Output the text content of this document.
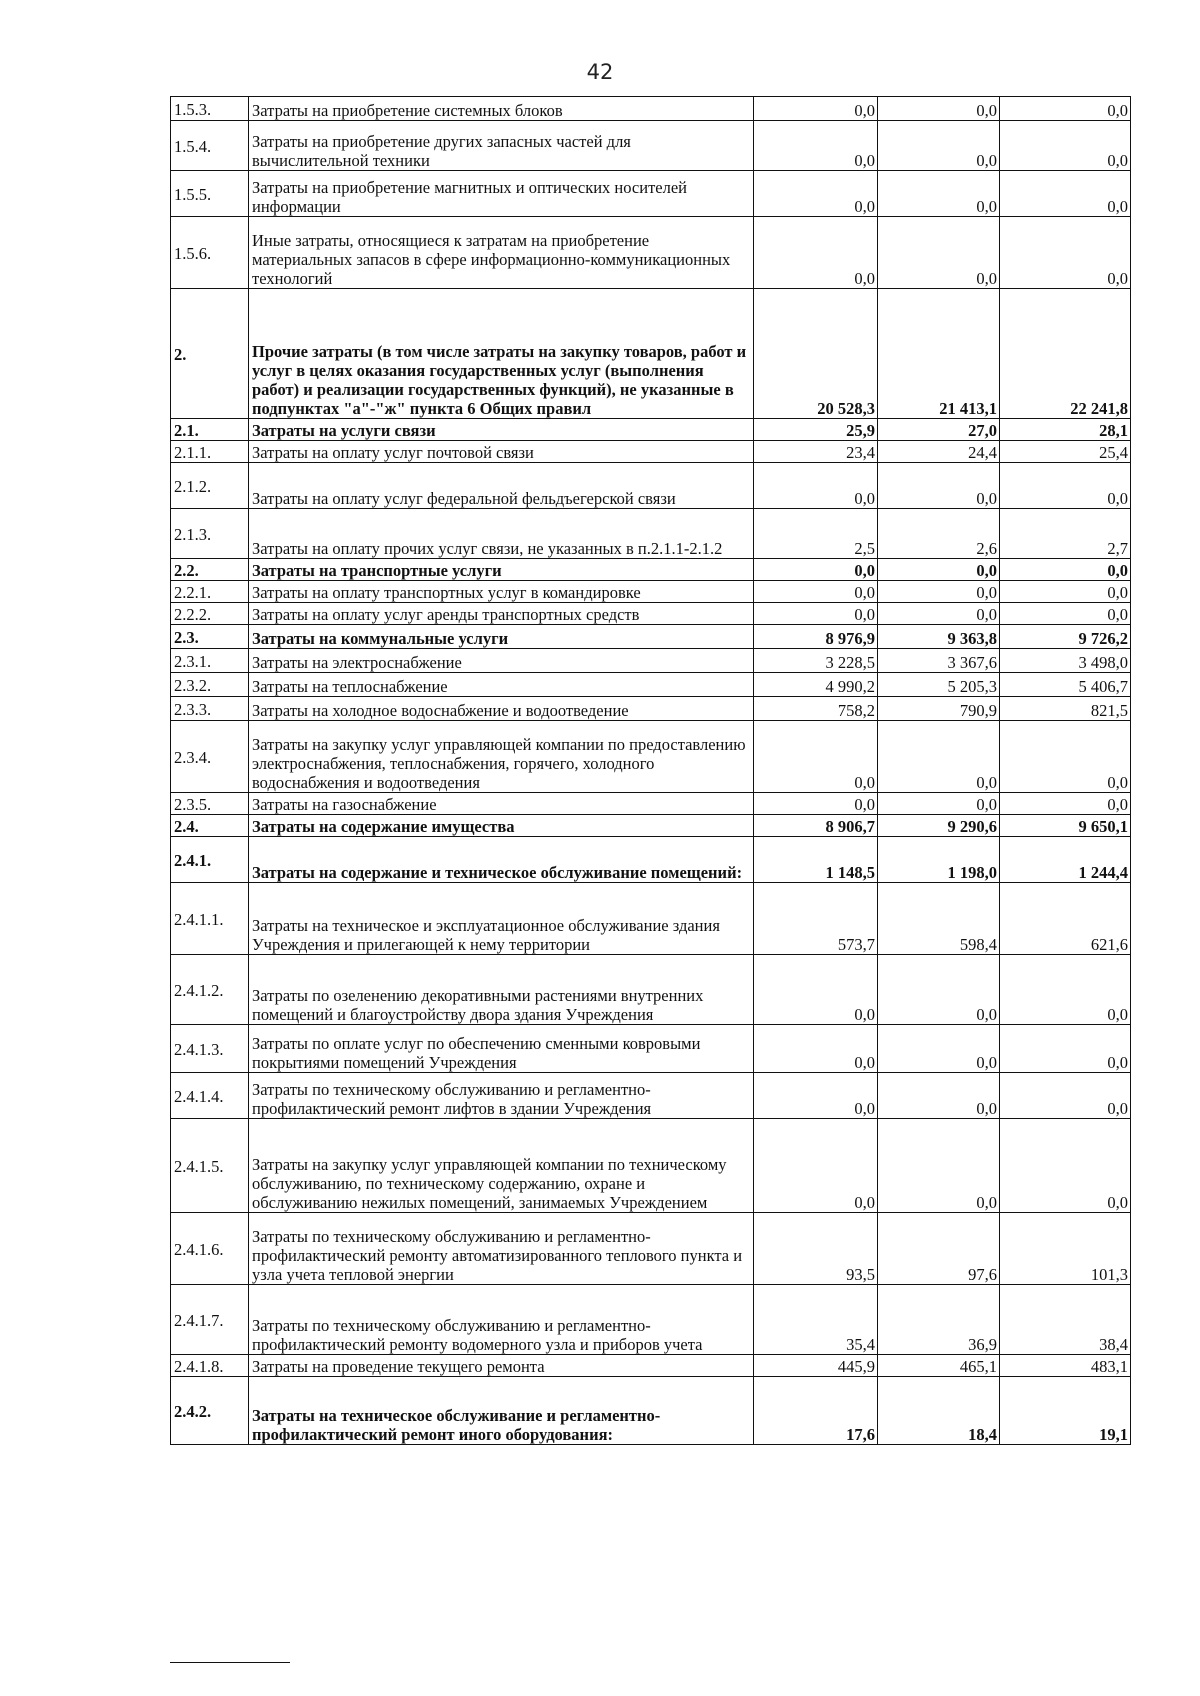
42
1.5.3.	Затраты на приобретение системных блоков	0,0	0,0	0,0
1.5.4.	Затраты на приобретение других запасных частей для вычислительной техники	0,0	0,0	0,0
1.5.5.	Затраты на приобретение магнитных и оптических носителей информации	0,0	0,0	0,0
1.5.6.	Иные затраты, относящиеся к затратам на приобретение материальных запасов в сфере информационно-коммуникационных технологий	0,0	0,0	0,0
2.	Прочие затраты (в том числе затраты на закупку товаров, работ и услуг в целях оказания государственных услуг (выполнения работ) и реализации государственных функций), не указанные в подпунктах "а"-"ж" пункта 6 Общих правил	20 528,3	21 413,1	22 241,8
2.1.	Затраты на услуги связи	25,9	27,0	28,1
2.1.1.	Затраты на оплату услуг почтовой связи	23,4	24,4	25,4
2.1.2.	Затраты на оплату услуг федеральной фельдъегерской связи	0,0	0,0	0,0
2.1.3.	Затраты на оплату прочих услуг связи, не указанных в п.2.1.1-2.1.2	2,5	2,6	2,7
2.2.	Затраты на транспортные услуги	0,0	0,0	0,0
2.2.1.	Затраты на оплату транспортных услуг в командировке	0,0	0,0	0,0
2.2.2.	Затраты на оплату услуг аренды транспортных средств	0,0	0,0	0,0
2.3.	Затраты на коммунальные услуги	8 976,9	9 363,8	9 726,2
2.3.1.	Затраты на электроснабжение	3 228,5	3 367,6	3 498,0
2.3.2.	Затраты на теплоснабжение	4 990,2	5 205,3	5 406,7
2.3.3.	Затраты на холодное водоснабжение и водоотведение	758,2	790,9	821,5
2.3.4.	Затраты на закупку услуг управляющей компании по предоставлению электроснабжения, теплоснабжения, горячего, холодного водоснабжения и водоотведения	0,0	0,0	0,0
2.3.5.	Затраты на газоснабжение	0,0	0,0	0,0
2.4.	Затраты на содержание имущества	8 906,7	9 290,6	9 650,1
2.4.1.	Затраты на содержание и техническое обслуживание помещений:	1 148,5	1 198,0	1 244,4
2.4.1.1.	Затраты на техническое и эксплуатационное обслуживание здания Учреждения и прилегающей к нему территории	573,7	598,4	621,6
2.4.1.2.	Затраты по озеленению декоративными растениями внутренних помещений и благоустройству двора здания Учреждения	0,0	0,0	0,0
2.4.1.3.	Затраты по оплате услуг по обеспечению сменными ковровыми покрытиями помещений Учреждения	0,0	0,0	0,0
2.4.1.4.	Затраты по техническому обслуживанию и регламентно-профилактический ремонт лифтов в здании Учреждения	0,0	0,0	0,0
2.4.1.5.	Затраты на закупку услуг управляющей компании по техническому обслуживанию, по техническому содержанию, охране и обслуживанию нежилых помещений, занимаемых Учреждением	0,0	0,0	0,0
2.4.1.6.	Затраты по техническому обслуживанию и регламентно-профилактический ремонту автоматизированного теплового пункта и узла учета тепловой энергии	93,5	97,6	101,3
2.4.1.7.	Затраты по техническому обслуживанию и регламентно-профилактический ремонту водомерного узла и приборов учета	35,4	36,9	38,4
2.4.1.8.	Затраты на проведение текущего ремонта	445,9	465,1	483,1
2.4.2.	Затраты на техническое обслуживание и регламентно-профилактический ремонт иного оборудования:	17,6	18,4	19,1
